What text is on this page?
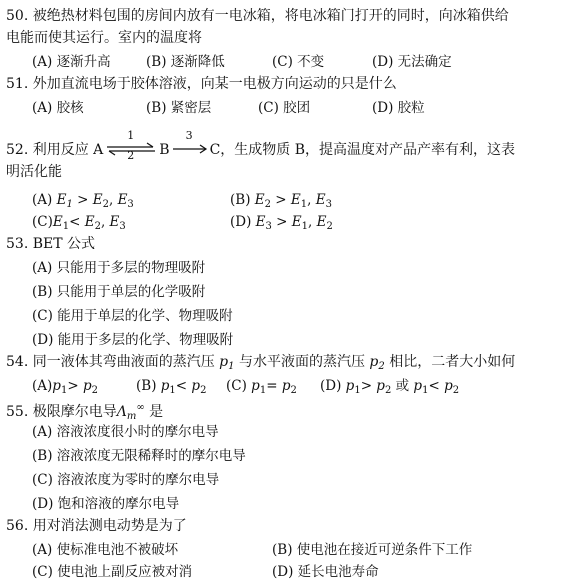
50. 被绝热材料包围的房间内放有一电冰箱，将电冰箱门打开的同时，向冰箱供给
电能而使其运行。室内的温度将
(A) 逐渐升高	(B) 逐渐降低	(C) 不变	(D) 无法确定
51. 外加直流电场于胶体溶液，向某一电极方向运动的只是什么
(A) 胶核	(B) 紧密层	(C) 胶团	(D) 胶粒
52. 利用反应 A
1
2 B
3
C，生成物质 B，提高温度对产品产率有利，这表
明活化能
(A) $E_1 > E_2$, $E_3$	(B) $E_2 > E_1$, $E_3$
$(C)E_1< E_2$, $E_3$	(D) $E_3 > E_1$, $E_2$
53. BET 公式
(A) 只能用于多层的物理吸附
(B) 只能用于单层的化学吸附
(C) 能用于单层的化学、物理吸附
(D) 能用于多层的化学、物理吸附
54. 同一液体其弯曲液面的蒸汽压 $p_1$ 与水平液面的蒸汽压 $p_2$ 相比，二者大小如何
$(A)p_1> p_2$	(B) $p_1< p_2$ (C) $p_1= p_2$ (D) $p_1> p_2$ 或 $p_1< p_2$
55. 极限摩尔电导$\Lambda_m^\infty$ 是
(A) 溶液浓度很小时的摩尔电导
(B) 溶液浓度无限稀释时的摩尔电导
(C) 溶液浓度为零时的摩尔电导
(D) 饱和溶液的摩尔电导
56. 用对消法测电动势是为了
(A) 使标准电池不被破坏	(B) 使电池在接近可逆条件下工作
(C) 使电池上副反应被对消	(D) 延长电池寿命
